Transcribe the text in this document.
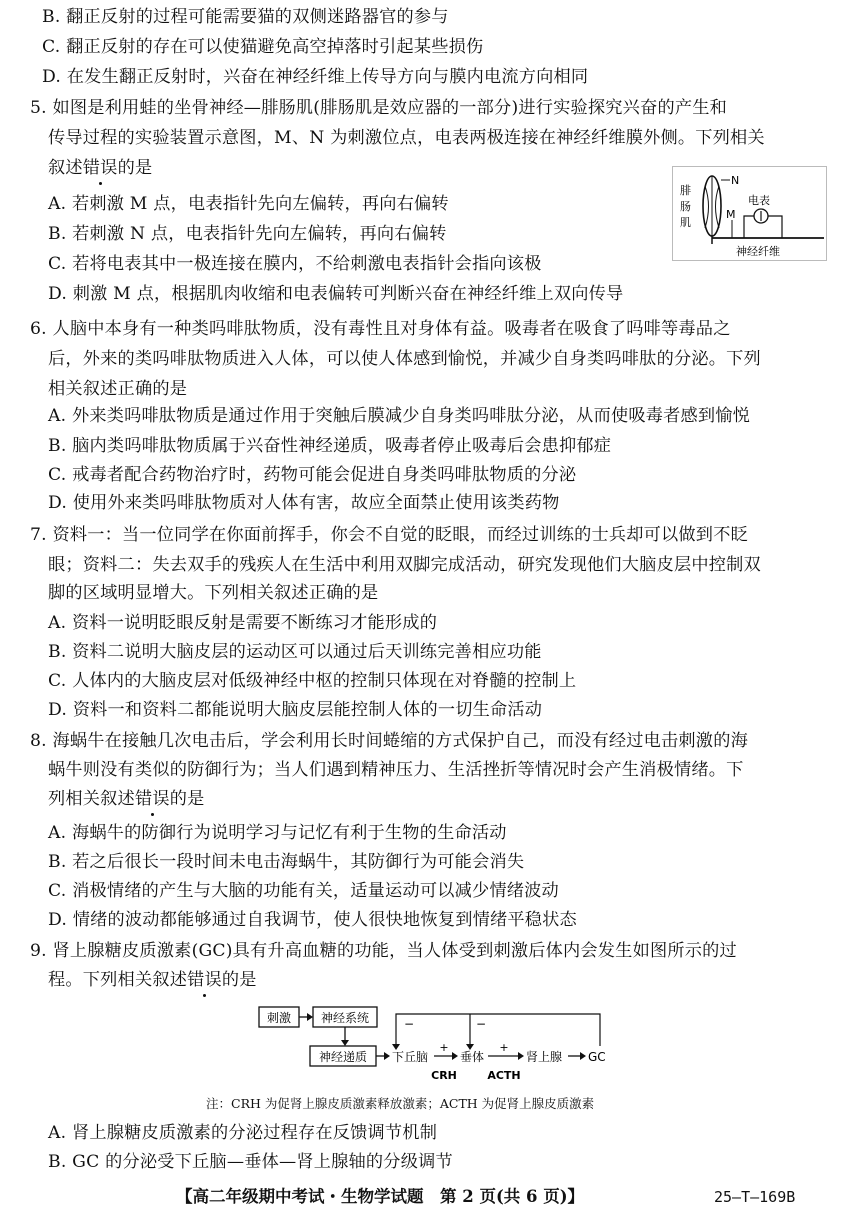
B. 翻正反射的过程可能需要猫的双侧迷路器官的参与
C. 翻正反射的存在可以使猫避免高空掉落时引起某些损伤
D. 在发生翻正反射时，兴奋在神经纤维上传导方向与膜内电流方向相同
5. 如图是利用蛙的坐骨神经—腓肠肌(腓肠肌是效应器的一部分)进行实验探究兴奋的产生和
传导过程的实验装置示意图，M、N 为刺激位点，电表两极连接在神经纤维膜外侧。下列相关
叙述错误的是
A. 若刺激 M 点，电表指针先向左偏转，再向右偏转
B. 若刺激 N 点，电表指针先向左偏转，再向右偏转
C. 若将电表其中一极连接在膜内，不给刺激电表指针会指向该极
D. 刺激 M 点，根据肌肉收缩和电表偏转可判断兴奋在神经纤维上双向传导
腓
肠
肌
N
M
电表
神经纤维
6. 人脑中本身有一种类吗啡肽物质，没有毒性且对身体有益。吸毒者在吸食了吗啡等毒品之
后，外来的类吗啡肽物质进入人体，可以使人体感到愉悦，并减少自身类吗啡肽的分泌。下列
相关叙述正确的是
A. 外来类吗啡肽物质是通过作用于突触后膜减少自身类吗啡肽分泌，从而使吸毒者感到愉悦
B. 脑内类吗啡肽物质属于兴奋性神经递质，吸毒者停止吸毒后会患抑郁症
C. 戒毒者配合药物治疗时，药物可能会促进自身类吗啡肽物质的分泌
D. 使用外来类吗啡肽物质对人体有害，故应全面禁止使用该类药物
7. 资料一：当一位同学在你面前挥手，你会不自觉的眨眼，而经过训练的士兵却可以做到不眨
眼；资料二：失去双手的残疾人在生活中利用双脚完成活动，研究发现他们大脑皮层中控制双
脚的区域明显增大。下列相关叙述正确的是
A. 资料一说明眨眼反射是需要不断练习才能形成的
B. 资料二说明大脑皮层的运动区可以通过后天训练完善相应功能
C. 人体内的大脑皮层对低级神经中枢的控制只体现在对脊髓的控制上
D. 资料一和资料二都能说明大脑皮层能控制人体的一切生命活动
8. 海蜗牛在接触几次电击后，学会利用长时间蜷缩的方式保护自己，而没有经过电击刺激的海
蜗牛则没有类似的防御行为；当人们遇到精神压力、生活挫折等情况时会产生消极情绪。下
列相关叙述错误的是
A. 海蜗牛的防御行为说明学习与记忆有利于生物的生命活动
B. 若之后很长一段时间未电击海蜗牛，其防御行为可能会消失
C. 消极情绪的产生与大脑的功能有关，适量运动可以减少情绪波动
D. 情绪的波动都能够通过自我调节，使人很快地恢复到情绪平稳状态
9. 肾上腺糖皮质激素(GC)具有升高血糖的功能，当人体受到刺激后体内会发生如图所示的过
程。下列相关叙述错误的是
刺激 神经系统
神经递质 下丘脑
+
CRH
垂体
+
ACTH
肾上腺 GC
−	−
注：CRH 为促肾上腺皮质激素释放激素；ACTH 为促肾上腺皮质激素
A. 肾上腺糖皮质激素的分泌过程存在反馈调节机制
B. GC 的分泌受下丘脑—垂体—肾上腺轴的分级调节
【高二年级期中考试・生物学试题　第 2 页(共 6 页)】	25—T—169B
